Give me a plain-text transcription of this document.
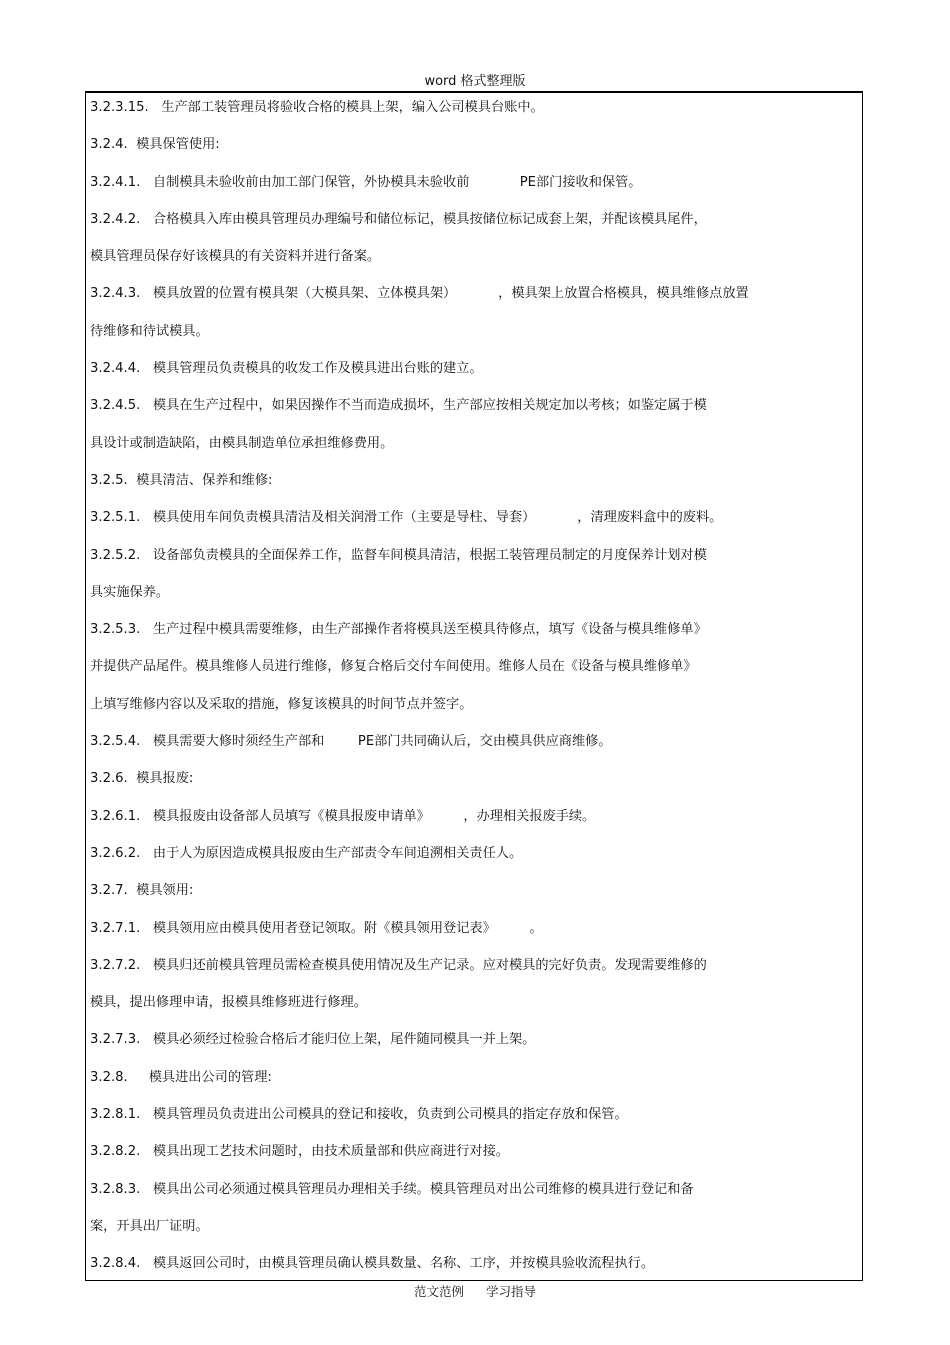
word 格式整理版
3.2.3.15.   生产部工装管理员将验收合格的模具上架，编入公司模具台账中。
3.2.4.  模具保管使用:
3.2.4.1.   自制模具未验收前由加工部门保管，外协模具未验收前            PE部门接收和保管。
3.2.4.2.   合格模具入库由模具管理员办理编号和储位标记，模具按储位标记成套上架，并配该模具尾件，
模具管理员保存好该模具的有关资料并进行备案。
3.2.4.3.   模具放置的位置有模具架（大模具架、立体模具架）          ，模具架上放置合格模具，模具维修点放置
待维修和待试模具。
3.2.4.4.   模具管理员负责模具的收发工作及模具进出台账的建立。
3.2.4.5.   模具在生产过程中，如果因操作不当而造成损坏，生产部应按相关规定加以考核；如鉴定属于模
具设计或制造缺陷，由模具制造单位承担维修费用。
3.2.5.  模具清洁、保养和维修:
3.2.5.1.   模具使用车间负责模具清洁及相关润滑工作（主要是导柱、导套）          ，清理废料盒中的废料。
3.2.5.2.   设备部负责模具的全面保养工作，监督车间模具清洁，根据工装管理员制定的月度保养计划对模
具实施保养。
3.2.5.3.   生产过程中模具需要维修，由生产部操作者将模具送至模具待修点，填写《设备与模具维修单》
并提供产品尾件。模具维修人员进行维修，修复合格后交付车间使用。维修人员在《设备与模具维修单》
上填写维修内容以及采取的措施，修复该模具的时间节点并签字。
3.2.5.4.   模具需要大修时须经生产部和        PE部门共同确认后，交由模具供应商维修。
3.2.6.  模具报废:
3.2.6.1.   模具报废由设备部人员填写《模具报废申请单》        ，办理相关报废手续。
3.2.6.2.   由于人为原因造成模具报废由生产部责令车间追溯相关责任人。
3.2.7.  模具领用:
3.2.7.1.   模具领用应由模具使用者登记领取。附《模具领用登记表》        。
3.2.7.2.   模具归还前模具管理员需检查模具使用情况及生产记录。应对模具的完好负责。发现需要维修的
模具，提出修理申请，报模具维修班进行修理。
3.2.7.3.   模具必须经过检验合格后才能归位上架，尾件随同模具一并上架。
3.2.8.     模具进出公司的管理:
3.2.8.1.   模具管理员负责进出公司模具的登记和接收，负责到公司模具的指定存放和保管。
3.2.8.2.   模具出现工艺技术问题时，由技术质量部和供应商进行对接。
3.2.8.3.   模具出公司必须通过模具管理员办理相关手续。模具管理员对出公司维修的模具进行登记和备
案，开具出厂证明。
3.2.8.4.   模具返回公司时，由模具管理员确认模具数量、名称、工序，并按模具验收流程执行。
范文范例 学习指导
